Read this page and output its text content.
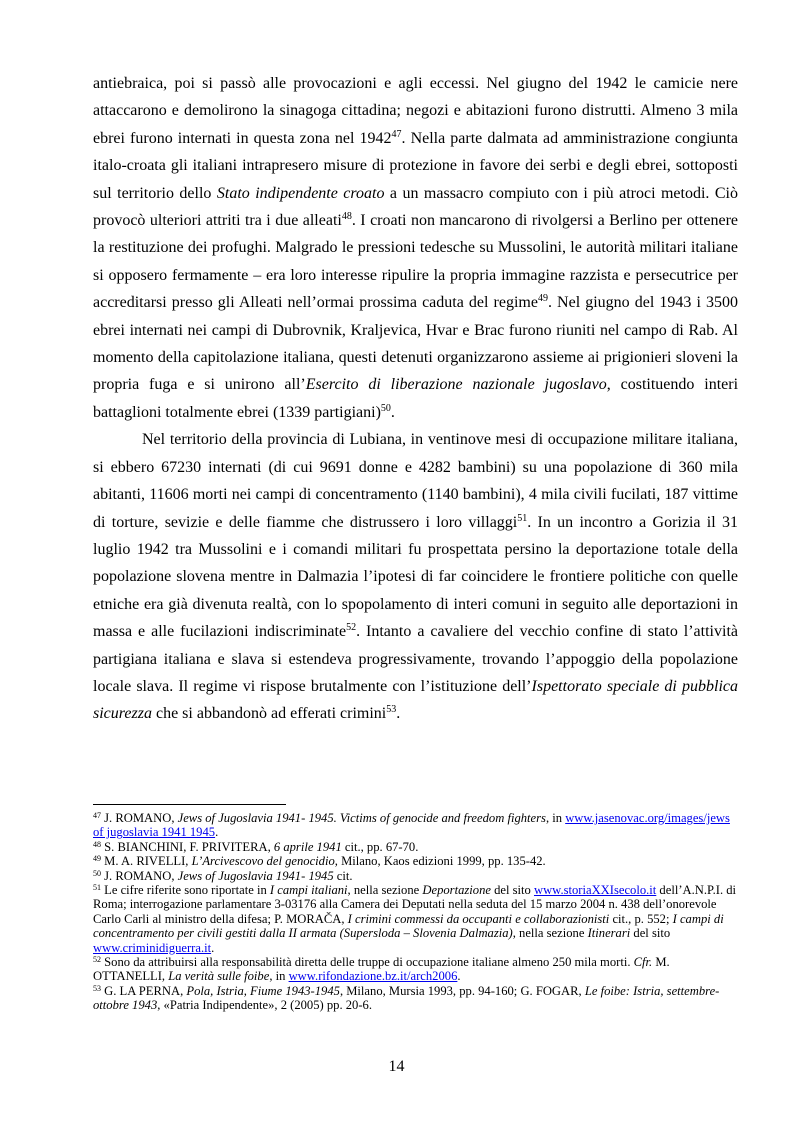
antiebraica, poi si passò alle provocazioni e agli eccessi. Nel giugno del 1942 le camicie nere attaccarono e demolirono la sinagoga cittadina; negozi e abitazioni furono distrutti. Almeno 3 mila ebrei furono internati in questa zona nel 1942$^{47}$. Nella parte dalmata ad amministrazione congiunta italo-croata gli italiani intrapresero misure di protezione in favore dei serbi e degli ebrei, sottoposti sul territorio dello Stato indipendente croato a un massacro compiuto con i più atroci metodi. Ciò provocò ulteriori attriti tra i due alleati$^{48}$. I croati non mancarono di rivolgersi a Berlino per ottenere la restituzione dei profughi. Malgrado le pressioni tedesche su Mussolini, le autorità militari italiane si opposero fermamente – era loro interesse ripulire la propria immagine razzista e persecutrice per accreditarsi presso gli Alleati nell’ormai prossima caduta del regime$^{49}$. Nel giugno del 1943 i 3500 ebrei internati nei campi di Dubrovnik, Kraljevica, Hvar e Brac furono riuniti nel campo di Rab. Al momento della capitolazione italiana, questi detenuti organizzarono assieme ai prigionieri sloveni la propria fuga e si unirono all’Esercito di liberazione nazionale jugoslavo, costituendo interi battaglioni totalmente ebrei (1339 partigiani)$^{50}$.

Nel territorio della provincia di Lubiana, in ventinove mesi di occupazione militare italiana, si ebbero 67230 internati (di cui 9691 donne e 4282 bambini) su una popolazione di 360 mila abitanti, 11606 morti nei campi di concentramento (1140 bambini), 4 mila civili fucilati, 187 vittime di torture, sevizie e delle fiamme che distrussero i loro villaggi$^{51}$. In un incontro a Gorizia il 31 luglio 1942 tra Mussolini e i comandi militari fu prospettata persino la deportazione totale della popolazione slovena mentre in Dalmazia l’ipotesi di far coincidere le frontiere politiche con quelle etniche era già divenuta realtà, con lo spopolamento di interi comuni in seguito alle deportazioni in massa e alle fucilazioni indiscriminate$^{52}$. Intanto a cavaliere del vecchio confine di stato l’attività partigiana italiana e slava si estendeva progressivamente, trovando l’appoggio della popolazione locale slava. Il regime vi rispose brutalmente con l’istituzione dell’Ispettorato speciale di pubblica sicurezza che si abbandonò ad efferati crimini$^{53}$.

$^{47}$ J. ROMANO, Jews of Jugoslavia 1941- 1945. Victims of genocide and freedom fighters, in www.jasenovac.org/images/jews of jugoslavia 1941 1945.

$^{48}$ S. BIANCHINI, F. PRIVITERA, 6 aprile 1941 cit., pp. 67-70.

$^{49}$ M. A. RIVELLI, L’Arcivescovo del genocidio, Milano, Kaos edizioni 1999, pp. 135-42.

$^{50}$ J. ROMANO, Jews of Jugoslavia 1941- 1945 cit.

$^{51}$ Le cifre riferite sono riportate in I campi italiani, nella sezione Deportazione del sito www.storiaXXIsecolo.it dell’A.N.P.I. di Roma; interrogazione parlamentare 3-03176 alla Camera dei Deputati nella seduta del 15 marzo 2004 n. 438 dell’onorevole Carlo Carli al ministro della difesa; P. MORAČA, I crimini commessi da occupanti e collaborazionisti cit., p. 552; I campi di concentramento per civili gestiti dalla II armata (Supersloda – Slovenia Dalmazia), nella sezione Itinerari del sito www.criminidiguerra.it.

$^{52}$ Sono da attribuirsi alla responsabilità diretta delle truppe di occupazione italiane almeno 250 mila morti. Cfr. M. OTTANELLI, La verità sulle foibe, in www.rifondazione.bz.it/arch2006.

$^{53}$ G. LA PERNA, Pola, Istria, Fiume 1943-1945, Milano, Mursia 1993, pp. 94-160; G. FOGAR, Le foibe: Istria, settembre-ottobre 1943, «Patria Indipendente», 2 (2005) pp. 20-6.

14
